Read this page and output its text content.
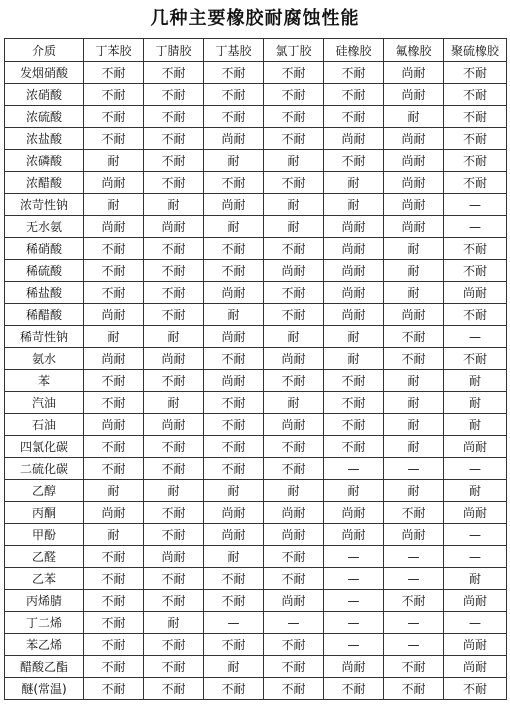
几种主要橡胶耐腐蚀性能
介质	丁苯胶	丁腈胶	丁基胶	氯丁胶	硅橡胶	氟橡胶	聚硫橡胶
发烟硝酸	不耐	不耐	不耐	不耐	不耐	尚耐	不耐
浓硝酸	不耐	不耐	不耐	不耐	不耐	尚耐	不耐
浓硫酸	不耐	不耐	不耐	不耐	不耐	耐	不耐
浓盐酸	不耐	不耐	尚耐	不耐	尚耐	尚耐	不耐
浓磷酸	耐	不耐	耐	耐	不耐	尚耐	不耐
浓醋酸	尚耐	不耐	不耐	不耐	耐	尚耐	不耐
浓苛性钠	耐	耐	尚耐	耐	耐	尚耐	—
无水氨	尚耐	尚耐	耐	耐	尚耐	尚耐	—
稀硝酸	不耐	不耐	不耐	不耐	尚耐	耐	不耐
稀硫酸	不耐	不耐	不耐	尚耐	尚耐	耐	不耐
稀盐酸	不耐	不耐	尚耐	不耐	尚耐	耐	尚耐
稀醋酸	尚耐	不耐	耐	不耐	尚耐	尚耐	不耐
稀苛性钠	耐	耐	尚耐	耐	耐	不耐	—
氨水	尚耐	尚耐	不耐	尚耐	耐	不耐	不耐
苯	不耐	不耐	尚耐	不耐	不耐	耐	耐
汽油	不耐	耐	不耐	耐	不耐	耐	耐
石油	尚耐	尚耐	不耐	尚耐	不耐	耐	耐
四氯化碳	不耐	不耐	不耐	不耐	不耐	耐	尚耐
二硫化碳	不耐	不耐	不耐	不耐	—	—	—
乙醇	耐	耐	耐	耐	耐	耐	耐
丙酮	尚耐	不耐	尚耐	尚耐	尚耐	不耐	尚耐
甲酚	耐	不耐	尚耐	尚耐	尚耐	尚耐	—
乙醛	不耐	尚耐	耐	不耐	—	—	—
乙苯	不耐	不耐	不耐	不耐	—	—	耐
丙烯腈	不耐	不耐	不耐	尚耐	—	不耐	尚耐
丁二烯	不耐	耐	—	—	—	—	—
苯乙烯	不耐	不耐	不耐	不耐	—	—	尚耐
醋酸乙酯	不耐	不耐	耐	不耐	尚耐	不耐	尚耐
醚(常温)	不耐	不耐	不耐	不耐	不耐	不耐	不耐
